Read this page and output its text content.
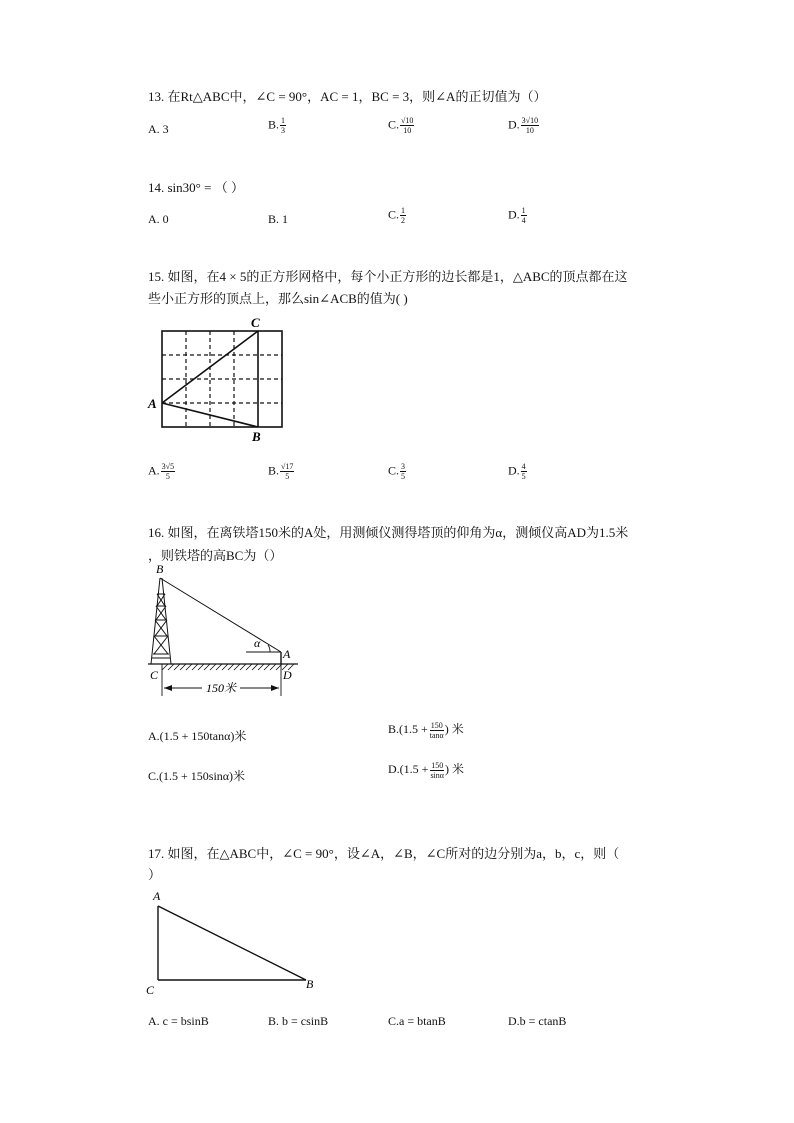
13. 在Rt△ABC中，∠C = 90°，AC = 1，BC = 3，则∠A的正切值为（）
A. 3	B. $\frac{1}{3}$	C. $\frac{√10}{10}$	D. $\frac{3√10}{10}$
14. sin30° = （ ）
A. 0	B. 1	C. $\frac{1}{2}$	D. $\frac{1}{4}$
15. 如图，在4 × 5的正方形网格中，每个小正方形的边长都是1，△ABC的顶点都在这
些小正方形的顶点上，那么sin∠ACB的值为( )
C
A
B
A. $\frac{3√5}{5}$	B. $\frac{√17}{5}$	C. $\frac{3}{5}$	D. $\frac{4}{5}$
16. 如图，在离铁塔150米的A处，用测倾仪测得塔顶的仰角为α，测倾仪高AD为1.5米
，则铁塔的高BC为（）
150米
B
C
A
D
α
A.(1.5 + 150tanα)米	$B.(1.5 + \frac{150}{\tan\alpha}$ ) 米
C.(1.5 + 150sinα)米	$D.(1.5 + \frac{150}{\sin\alpha}$ ) 米
17. 如图，在△ABC中，∠C = 90°，设∠A，∠B，∠C所对的边分别为a，b，c，则（
）
A
C	B
A. c = bsinB	B. b = csinB	C.a = btanB	D.b = ctanB
